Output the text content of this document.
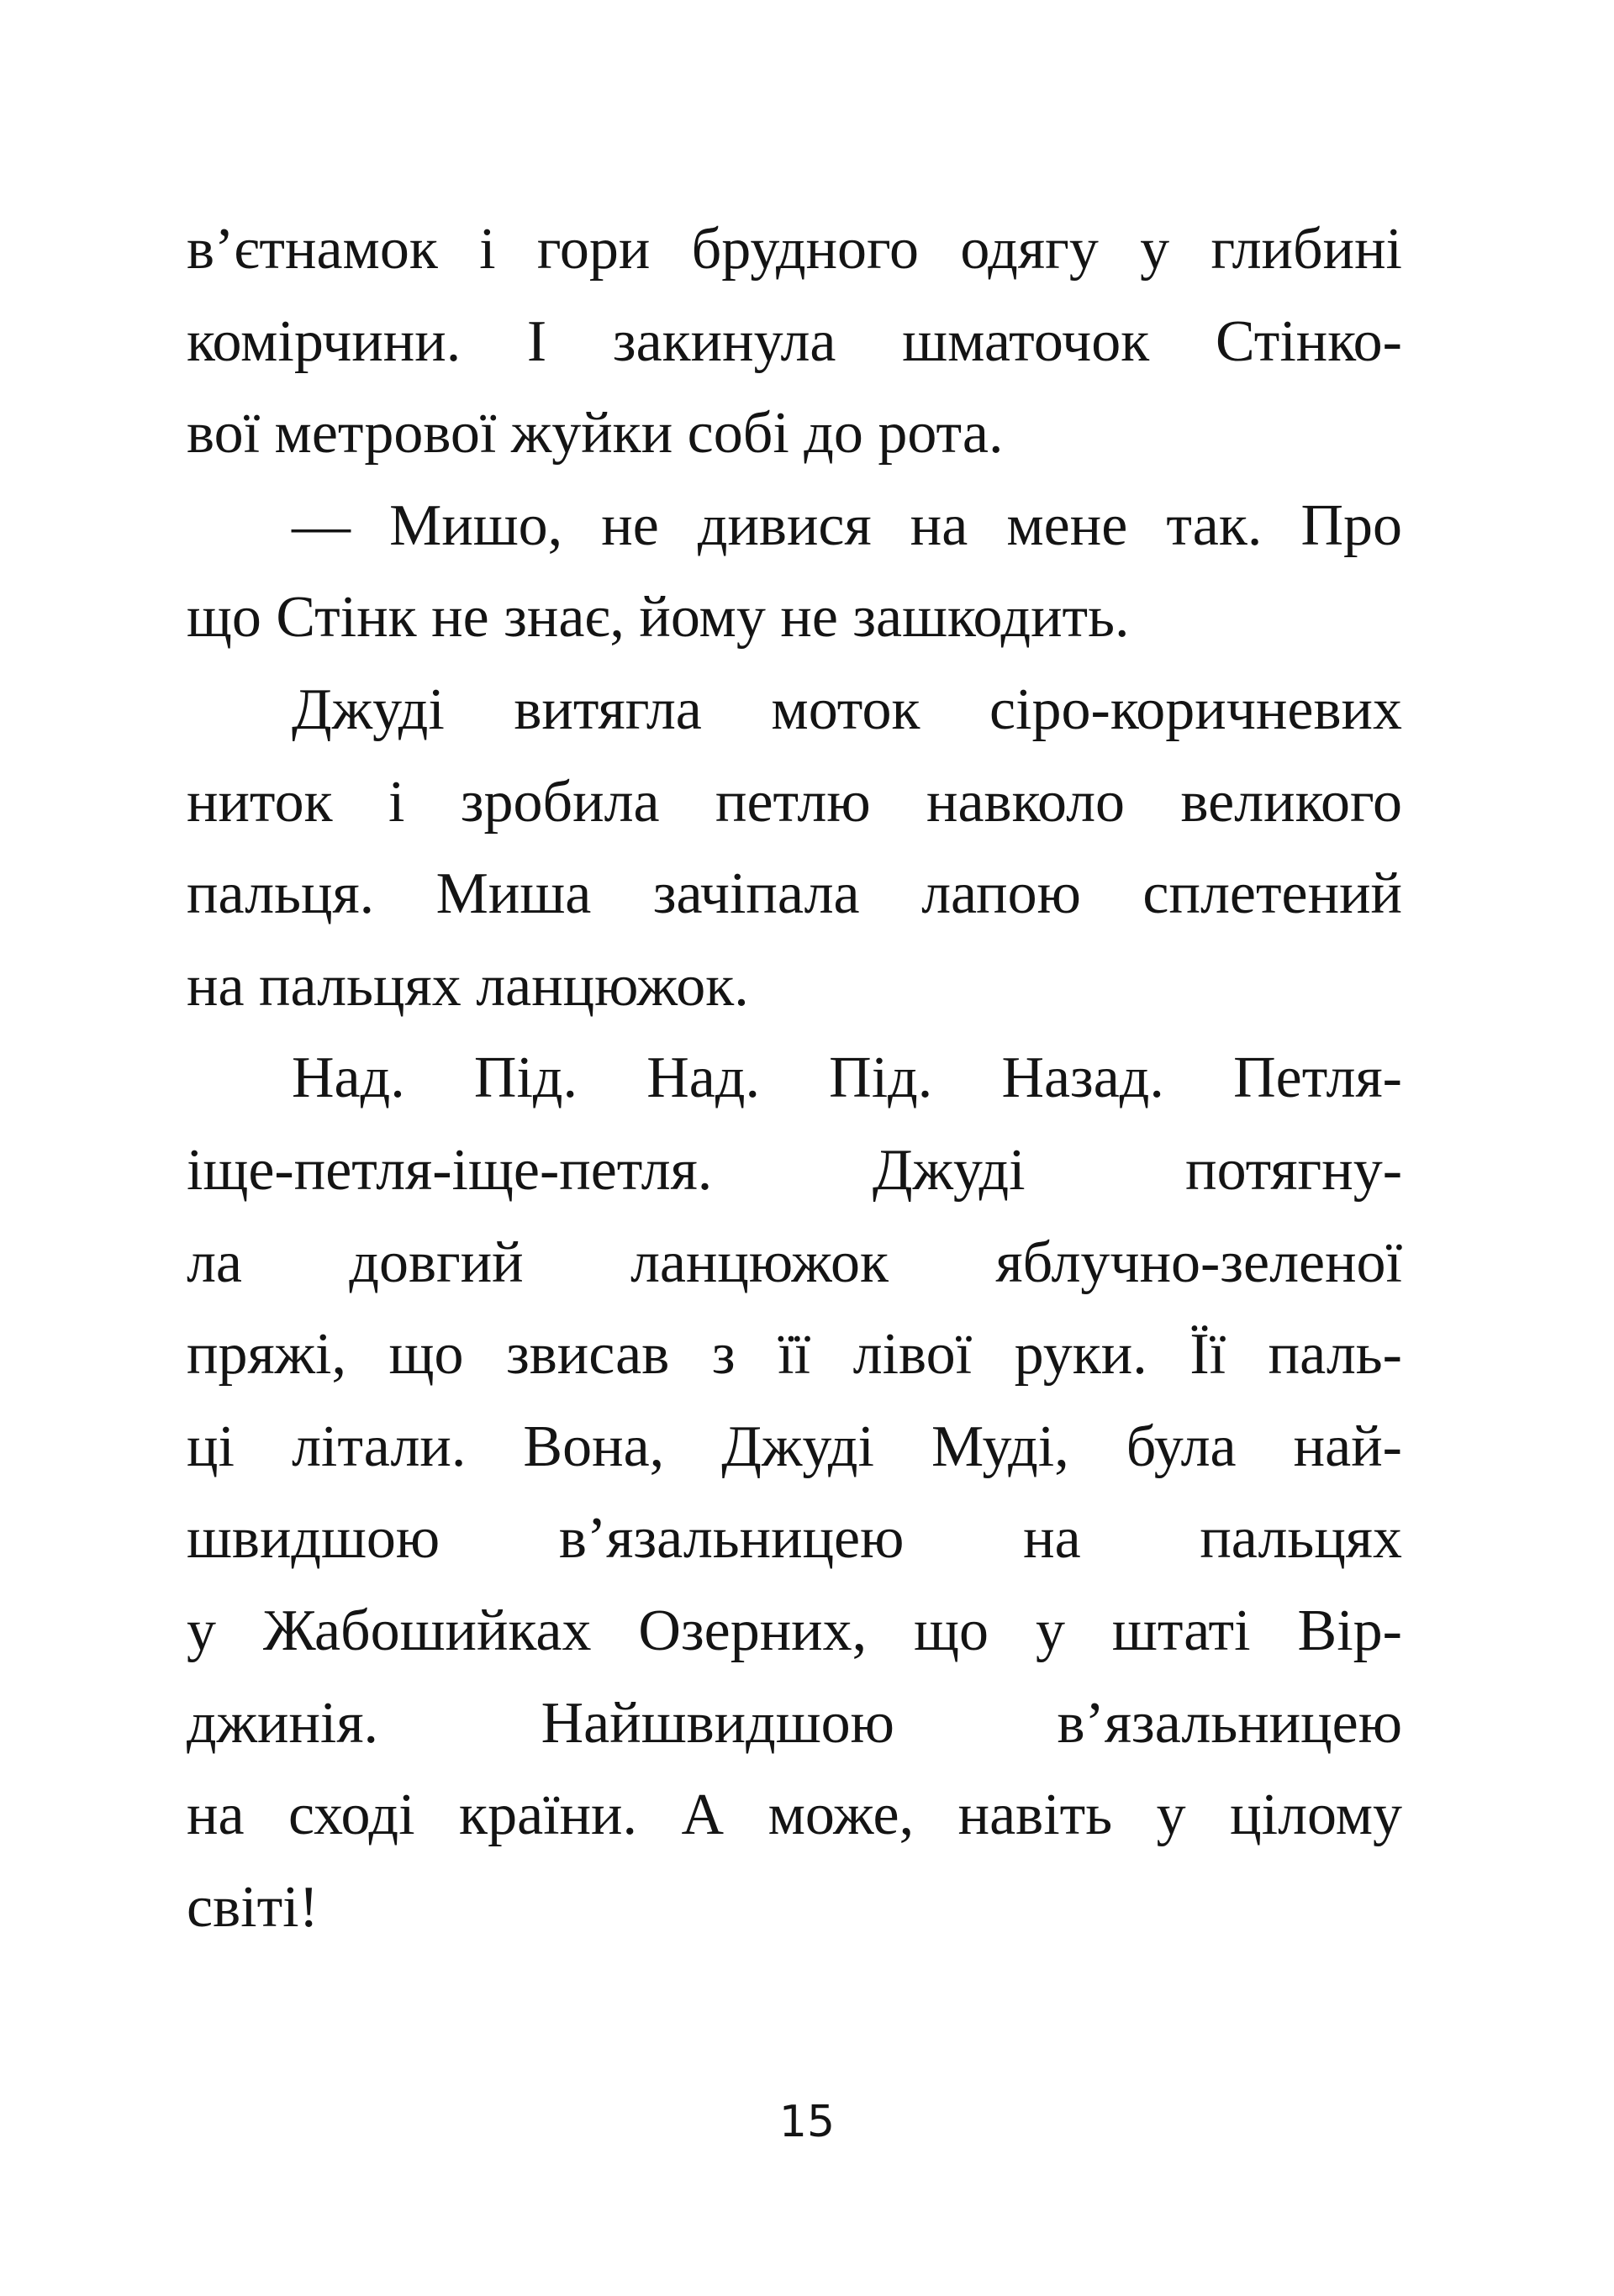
в’єтнамок і гори брудного одягу у глибині
комірчини. І закинула шматочок Стінко-
вої метрової жуйки собі до рота.
— Мишо, не дивися на мене так. Про
що Стінк не знає, йому не зашкодить.
Джуді витягла моток сіро-коричневих
ниток і зробила петлю навколо великого
пальця. Миша зачіпала лапою сплетений
на пальцях ланцюжок.
Над. Під. Над. Під. Назад. Петля-
іще-петля-іще-петля. Джуді потягну-
ла довгий ланцюжок яблучно-зеленої
пряжі, що звисав з її лівої руки. Її паль-
ці літали. Вона, Джуді Муді, була най-
швидшою в’язальницею на пальцях
у Жабошийках Озерних, що у штаті Вір-
джинія. Найшвидшою в’язальницею
на сході країни. А може, навіть у цілому
світі!
15
